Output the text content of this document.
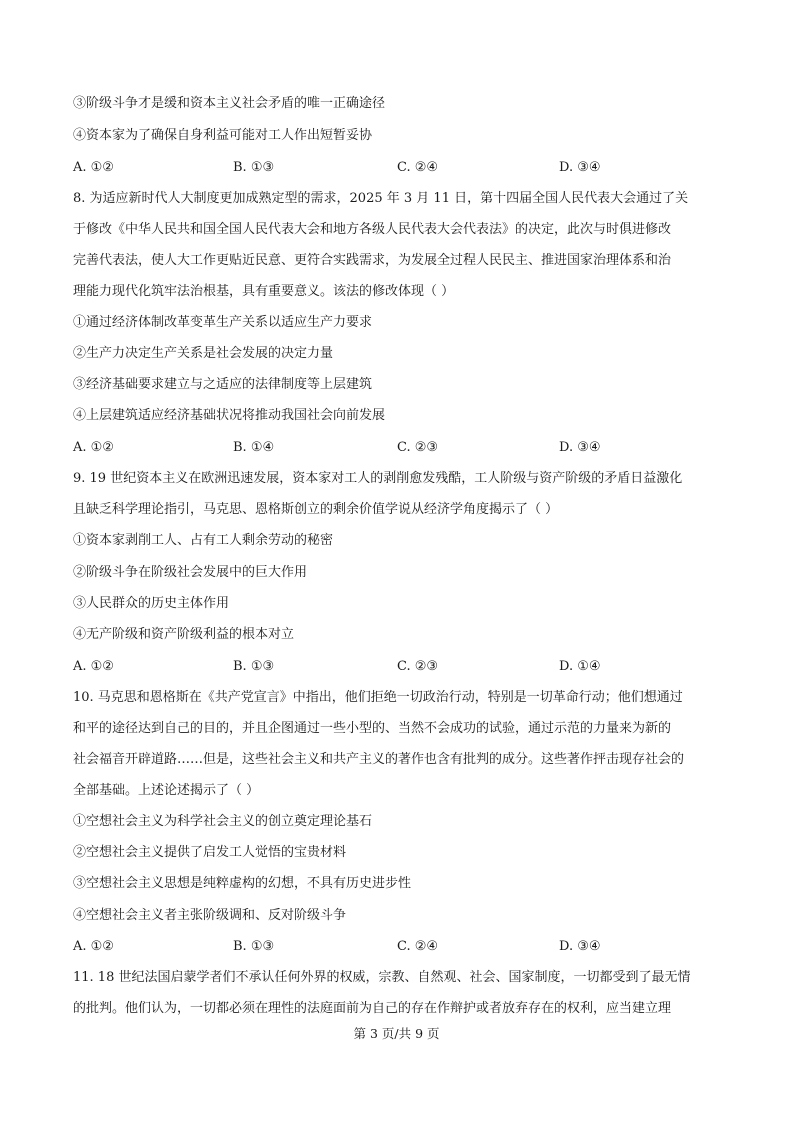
③阶级斗争才是缓和资本主义社会矛盾的唯一正确途径
④资本家为了确保自身利益可能对工人作出短暂妥协
A. ①②	B. ①③	C. ②④	D. ③④
8. 为适应新时代人大制度更加成熟定型的需求，2025 年 3 月 11 日，第十四届全国人民代表大会通过了关
于修改《中华人民共和国全国人民代表大会和地方各级人民代表大会代表法》的决定，此次与时俱进修改
完善代表法，使人大工作更贴近民意、更符合实践需求，为发展全过程人民民主、推进国家治理体系和治
理能力现代化筑牢法治根基，具有重要意义。该法的修改体现（ ）
①通过经济体制改革变革生产关系以适应生产力要求
②生产力决定生产关系是社会发展的决定力量
③经济基础要求建立与之适应的法律制度等上层建筑
④上层建筑适应经济基础状况将推动我国社会向前发展
A. ①②	B. ①④	C. ②③	D. ③④
9. 19 世纪资本主义在欧洲迅速发展，资本家对工人的剥削愈发残酷，工人阶级与资产阶级的矛盾日益激化
且缺乏科学理论指引，马克思、恩格斯创立的剩余价值学说从经济学角度揭示了（ ）
①资本家剥削工人、占有工人剩余劳动的秘密
②阶级斗争在阶级社会发展中的巨大作用
③人民群众的历史主体作用
④无产阶级和资产阶级利益的根本对立
A. ①②	B. ①③	C. ②③	D. ①④
10. 马克思和恩格斯在《共产党宣言》中指出，他们拒绝一切政治行动，特别是一切革命行动；他们想通过
和平的途径达到自己的目的，并且企图通过一些小型的、当然不会成功的试验，通过示范的力量来为新的
社会福音开辟道路……但是，这些社会主义和共产主义的著作也含有批判的成分。这些著作抨击现存社会的
全部基础。上述论述揭示了（ ）
①空想社会主义为科学社会主义的创立奠定理论基石
②空想社会主义提供了启发工人觉悟的宝贵材料
③空想社会主义思想是纯粹虚构的幻想，不具有历史进步性
④空想社会主义者主张阶级调和、反对阶级斗争
A. ①②	B. ①③	C. ②④	D. ③④
11. 18 世纪法国启蒙学者们不承认任何外界的权威，宗教、自然观、社会、国家制度，一切都受到了最无情
的批判。他们认为，一切都必须在理性的法庭面前为自己的存在作辩护或者放弃存在的权利，应当建立理
第 3 页/共 9 页
